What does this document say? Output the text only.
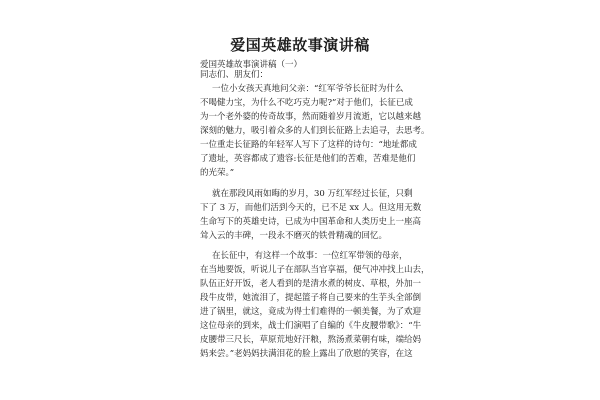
爱国英雄故事演讲稿

爱国英雄故事演讲稿（一）

同志们、朋友们：

一位小女孩天真地问父亲：“红军爷爷长征时为什么

不喝健力宝，为什么不吃巧克力呢?”对于他们，长征已成

为一个老外婆的传奇故事，然而随着岁月流逝，它以越来越

深刻的魅力，吸引着众多的人们到长征路上去追寻，去思考。

一位重走长征路的年轻军人写下了这样的诗句：“地址都成

了遗址，英容都成了遗容:长征是他们的苦难，苦难是他们

的光荣。”

就在那段风雨如晦的岁月，30 万红军经过长征，只剩

下了 3 万，而他们活到今天的，已不足 xx 人。但这用无数

生命写下的英雄史诗，已成为中国革命和人类历史上一座高

耸入云的丰碑，一段永不磨灭的铁骨精魂的回忆。

在长征中，有这样一个故事：一位红军带领的母亲，

在当地要饭，听说儿子在部队当官享福，便气冲冲找上山去，

队伍正好开饭，老人看到的是清水煮的树皮、草根，外加一

段牛皮带，她流泪了，提起篮子将自己要来的生芋头全部倒

进了锅里，就这，竟成为得士们难得的一顿美餐，为了欢迎

这位母亲的到来，战士们演唱了自编的《牛皮腰带歌》：“牛

皮腰带三尺长，草原荒地好汗粮，熬汤煮菜朝有味，端给妈

妈来尝。”老妈妈扶满泪花的脸上露出了欣慰的笑容，在这
